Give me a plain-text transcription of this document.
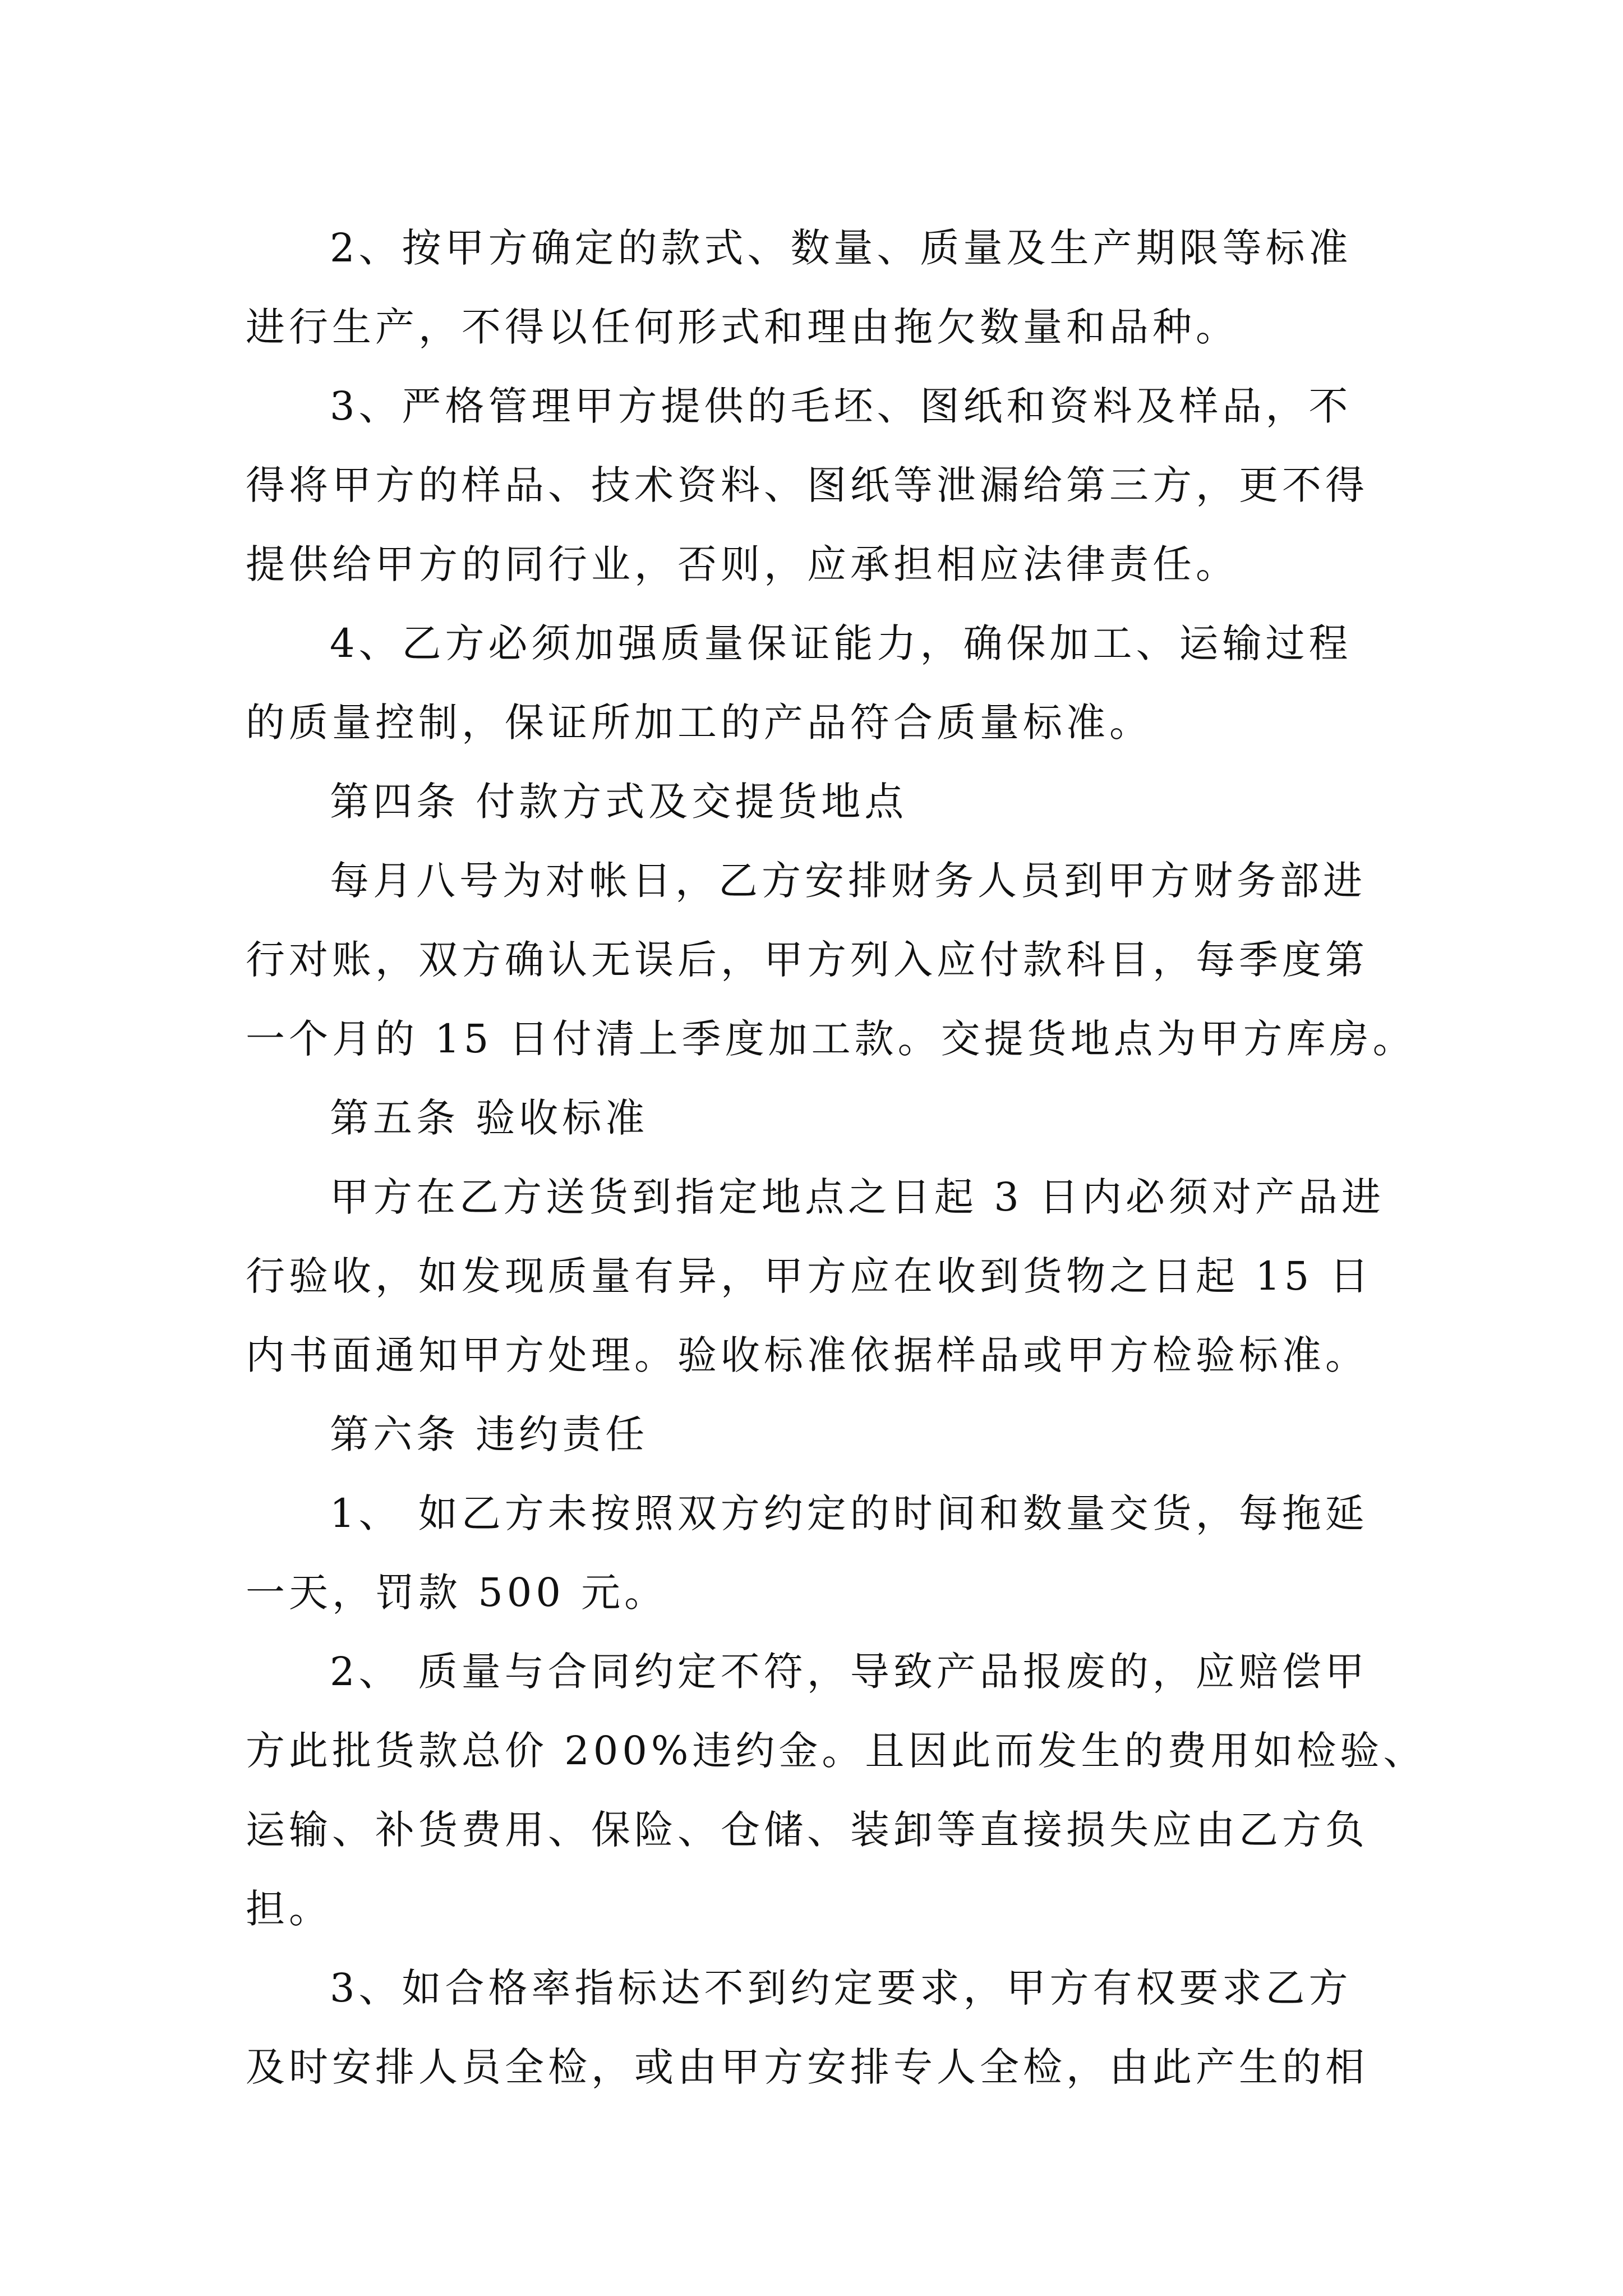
2、按甲方确定的款式、数量、质量及生产期限等标准
进行生产，不得以任何形式和理由拖欠数量和品种。

3、严格管理甲方提供的毛坯、图纸和资料及样品，不
得将甲方的样品、技术资料、图纸等泄漏给第三方，更不得
提供给甲方的同行业，否则，应承担相应法律责任。

4、乙方必须加强质量保证能力，确保加工、运输过程
的质量控制，保证所加工的产品符合质量标准。

第四条 付款方式及交提货地点

每月八号为对帐日，乙方安排财务人员到甲方财务部进
行对账，双方确认无误后，甲方列入应付款科目，每季度第
一个月的 15 日付清上季度加工款。交提货地点为甲方库房。

第五条 验收标准

甲方在乙方送货到指定地点之日起 3 日内必须对产品进
行验收，如发现质量有异，甲方应在收到货物之日起 15 日
内书面通知甲方处理。验收标准依据样品或甲方检验标准。

第六条 违约责任

1、 如乙方未按照双方约定的时间和数量交货，每拖延
一天，罚款 500 元。

2、 质量与合同约定不符，导致产品报废的，应赔偿甲
方此批货款总价 200%违约金。且因此而发生的费用如检验、
运输、补货费用、保险、仓储、装卸等直接损失应由乙方负
担。

3、如合格率指标达不到约定要求，甲方有权要求乙方
及时安排人员全检，或由甲方安排专人全检，由此产生的相
